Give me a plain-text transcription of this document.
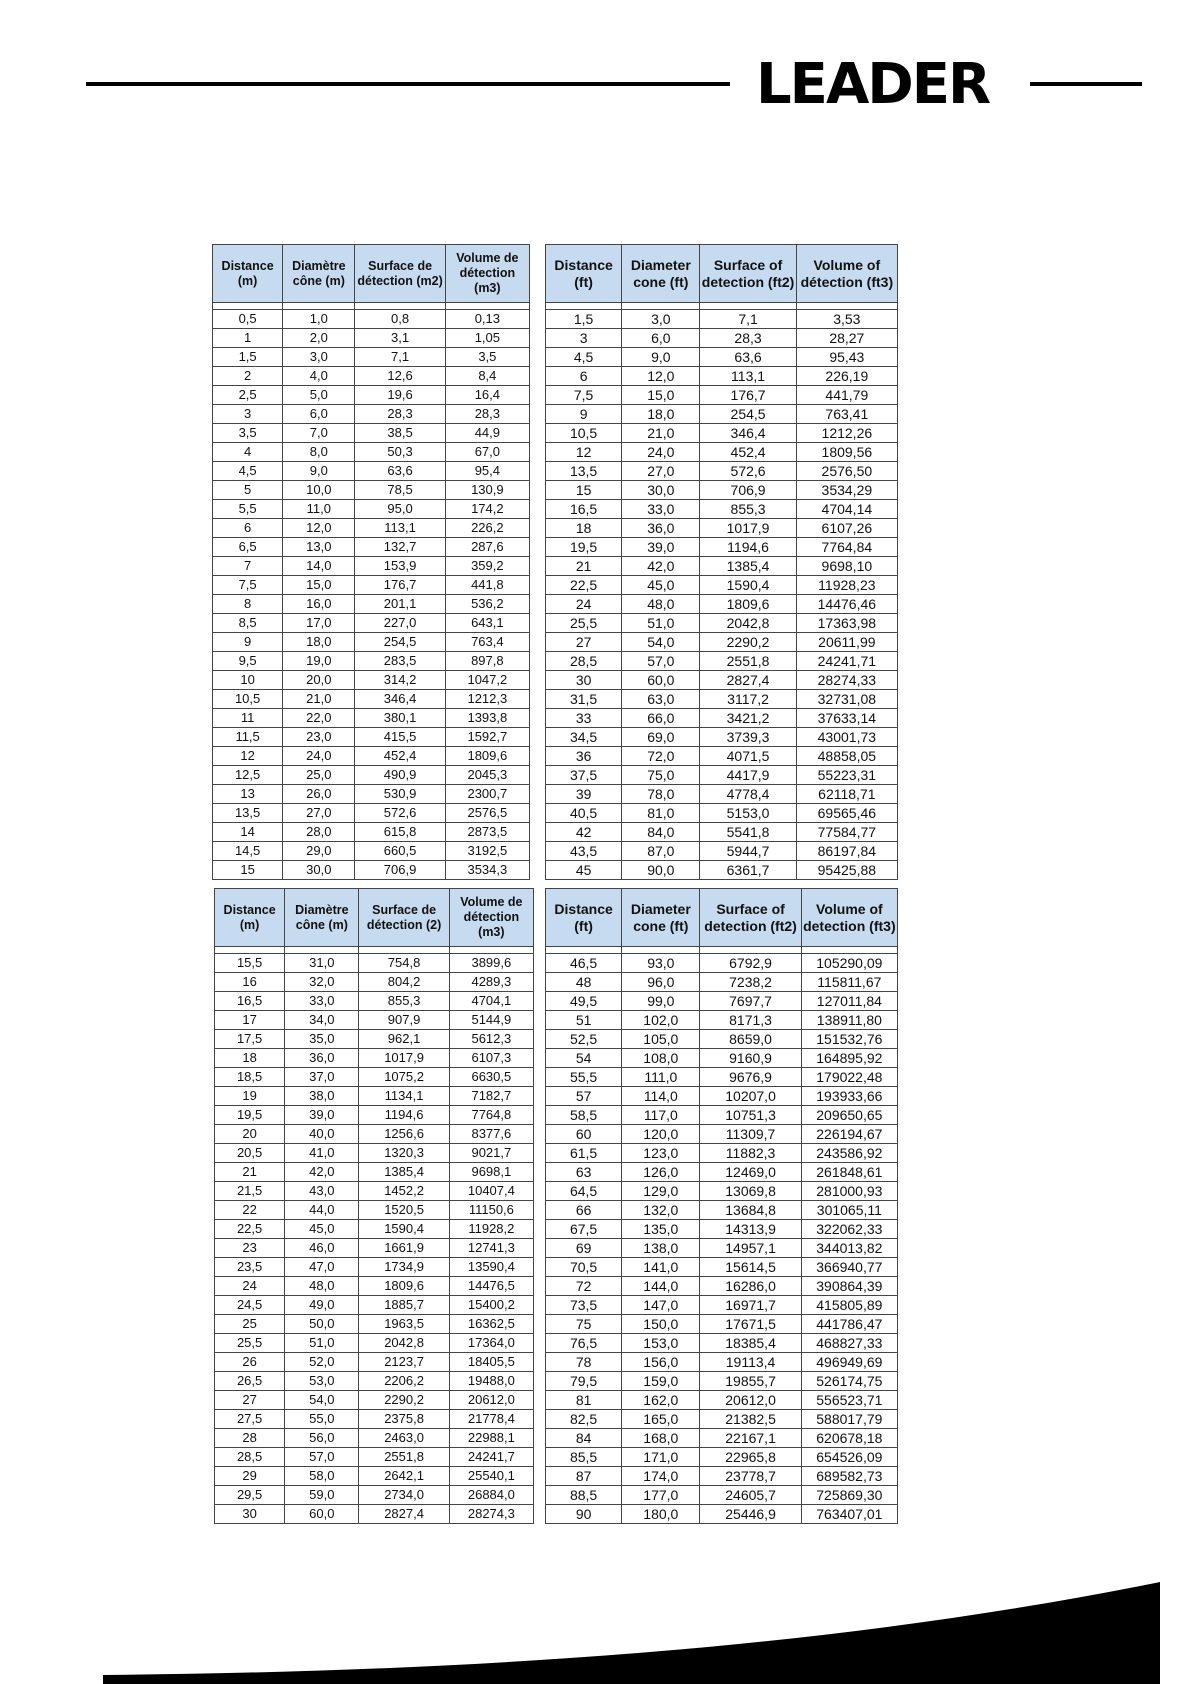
LEADER
Distance (m)	Diamètre cône (m)	Surface de détection (m2)	Volume de détection (m3)

0,5	1,0	0,8	0,13
1	2,0	3,1	1,05
1,5	3,0	7,1	3,5
2	4,0	12,6	8,4
2,5	5,0	19,6	16,4
3	6,0	28,3	28,3
3,5	7,0	38,5	44,9
4	8,0	50,3	67,0
4,5	9,0	63,6	95,4
5	10,0	78,5	130,9
5,5	11,0	95,0	174,2
6	12,0	113,1	226,2
6,5	13,0	132,7	287,6
7	14,0	153,9	359,2
7,5	15,0	176,7	441,8
8	16,0	201,1	536,2
8,5	17,0	227,0	643,1
9	18,0	254,5	763,4
9,5	19,0	283,5	897,8
10	20,0	314,2	1047,2
10,5	21,0	346,4	1212,3
11	22,0	380,1	1393,8
11,5	23,0	415,5	1592,7
12	24,0	452,4	1809,6
12,5	25,0	490,9	2045,3
13	26,0	530,9	2300,7
13,5	27,0	572,6	2576,5
14	28,0	615,8	2873,5
14,5	29,0	660,5	3192,5
15	30,0	706,9	3534,3
Distance (ft)	Diameter cone (ft)	Surface of detection (ft2)	Volume of détection (ft3)

1,5	3,0	7,1	3,53
3	6,0	28,3	28,27
4,5	9,0	63,6	95,43
6	12,0	113,1	226,19
7,5	15,0	176,7	441,79
9	18,0	254,5	763,41
10,5	21,0	346,4	1212,26
12	24,0	452,4	1809,56
13,5	27,0	572,6	2576,50
15	30,0	706,9	3534,29
16,5	33,0	855,3	4704,14
18	36,0	1017,9	6107,26
19,5	39,0	1194,6	7764,84
21	42,0	1385,4	9698,10
22,5	45,0	1590,4	11928,23
24	48,0	1809,6	14476,46
25,5	51,0	2042,8	17363,98
27	54,0	2290,2	20611,99
28,5	57,0	2551,8	24241,71
30	60,0	2827,4	28274,33
31,5	63,0	3117,2	32731,08
33	66,0	3421,2	37633,14
34,5	69,0	3739,3	43001,73
36	72,0	4071,5	48858,05
37,5	75,0	4417,9	55223,31
39	78,0	4778,4	62118,71
40,5	81,0	5153,0	69565,46
42	84,0	5541,8	77584,77
43,5	87,0	5944,7	86197,84
45	90,0	6361,7	95425,88
Distance (m)	Diamètre cône (m)	Surface de détection (2)	Volume de détection (m3)

15,5	31,0	754,8	3899,6
16	32,0	804,2	4289,3
16,5	33,0	855,3	4704,1
17	34,0	907,9	5144,9
17,5	35,0	962,1	5612,3
18	36,0	1017,9	6107,3
18,5	37,0	1075,2	6630,5
19	38,0	1134,1	7182,7
19,5	39,0	1194,6	7764,8
20	40,0	1256,6	8377,6
20,5	41,0	1320,3	9021,7
21	42,0	1385,4	9698,1
21,5	43,0	1452,2	10407,4
22	44,0	1520,5	11150,6
22,5	45,0	1590,4	11928,2
23	46,0	1661,9	12741,3
23,5	47,0	1734,9	13590,4
24	48,0	1809,6	14476,5
24,5	49,0	1885,7	15400,2
25	50,0	1963,5	16362,5
25,5	51,0	2042,8	17364,0
26	52,0	2123,7	18405,5
26,5	53,0	2206,2	19488,0
27	54,0	2290,2	20612,0
27,5	55,0	2375,8	21778,4
28	56,0	2463,0	22988,1
28,5	57,0	2551,8	24241,7
29	58,0	2642,1	25540,1
29,5	59,0	2734,0	26884,0
30	60,0	2827,4	28274,3
Distance (ft)	Diameter cone (ft)	Surface of detection (ft2)	Volume of detection (ft3)

46,5	93,0	6792,9	105290,09
48	96,0	7238,2	115811,67
49,5	99,0	7697,7	127011,84
51	102,0	8171,3	138911,80
52,5	105,0	8659,0	151532,76
54	108,0	9160,9	164895,92
55,5	111,0	9676,9	179022,48
57	114,0	10207,0	193933,66
58,5	117,0	10751,3	209650,65
60	120,0	11309,7	226194,67
61,5	123,0	11882,3	243586,92
63	126,0	12469,0	261848,61
64,5	129,0	13069,8	281000,93
66	132,0	13684,8	301065,11
67,5	135,0	14313,9	322062,33
69	138,0	14957,1	344013,82
70,5	141,0	15614,5	366940,77
72	144,0	16286,0	390864,39
73,5	147,0	16971,7	415805,89
75	150,0	17671,5	441786,47
76,5	153,0	18385,4	468827,33
78	156,0	19113,4	496949,69
79,5	159,0	19855,7	526174,75
81	162,0	20612,0	556523,71
82,5	165,0	21382,5	588017,79
84	168,0	22167,1	620678,18
85,5	171,0	22965,8	654526,09
87	174,0	23778,7	689582,73
88,5	177,0	24605,7	725869,30
90	180,0	25446,9	763407,01
